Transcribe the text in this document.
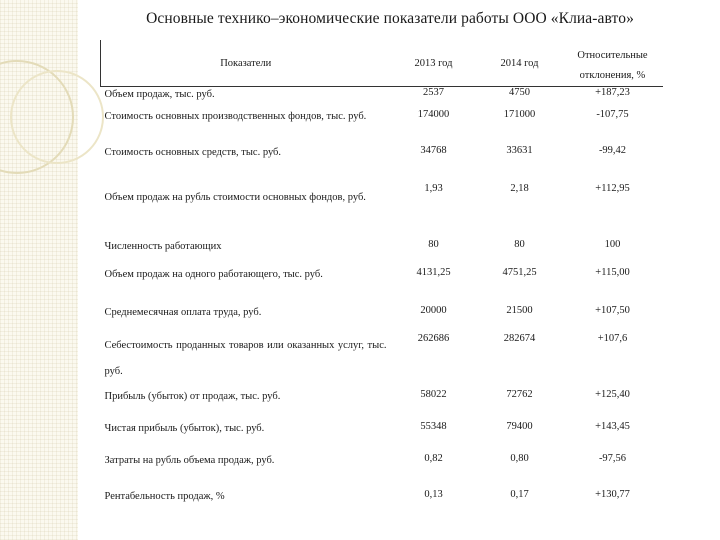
Основные технико–экономические показатели работы ООО «Клиа-авто»
Показатели	2013 год	2014 год	Относительные отклонения, %

Объем продаж, тыс. руб.	2537	4750	+187,23
Стоимость основных производственных фондов, тыс. руб.	174000	171000	-107,75
Стоимость основных средств, тыс. руб.	34768	33631	-99,42
Объем продаж на рубль стоимости основных фондов, руб.	1,93	2,18	+112,95
Численность работающих	80	80	100
Объем продаж на одного работающего, тыс. руб.	4131,25	4751,25	+115,00
Среднемесячная оплата труда, руб.	20000	21500	+107,50
Себестоимость проданных товаров или оказанных услуг, тыс. руб.	262686	282674	+107,6
Прибыль (убыток) от продаж, тыс. руб.	58022	72762	+125,40
Чистая прибыль (убыток), тыс. руб.	55348	79400	+143,45
Затраты на рубль объема продаж, руб.	0,82	0,80	-97,56
Рентабельность продаж, %	0,13	0,17	+130,77
